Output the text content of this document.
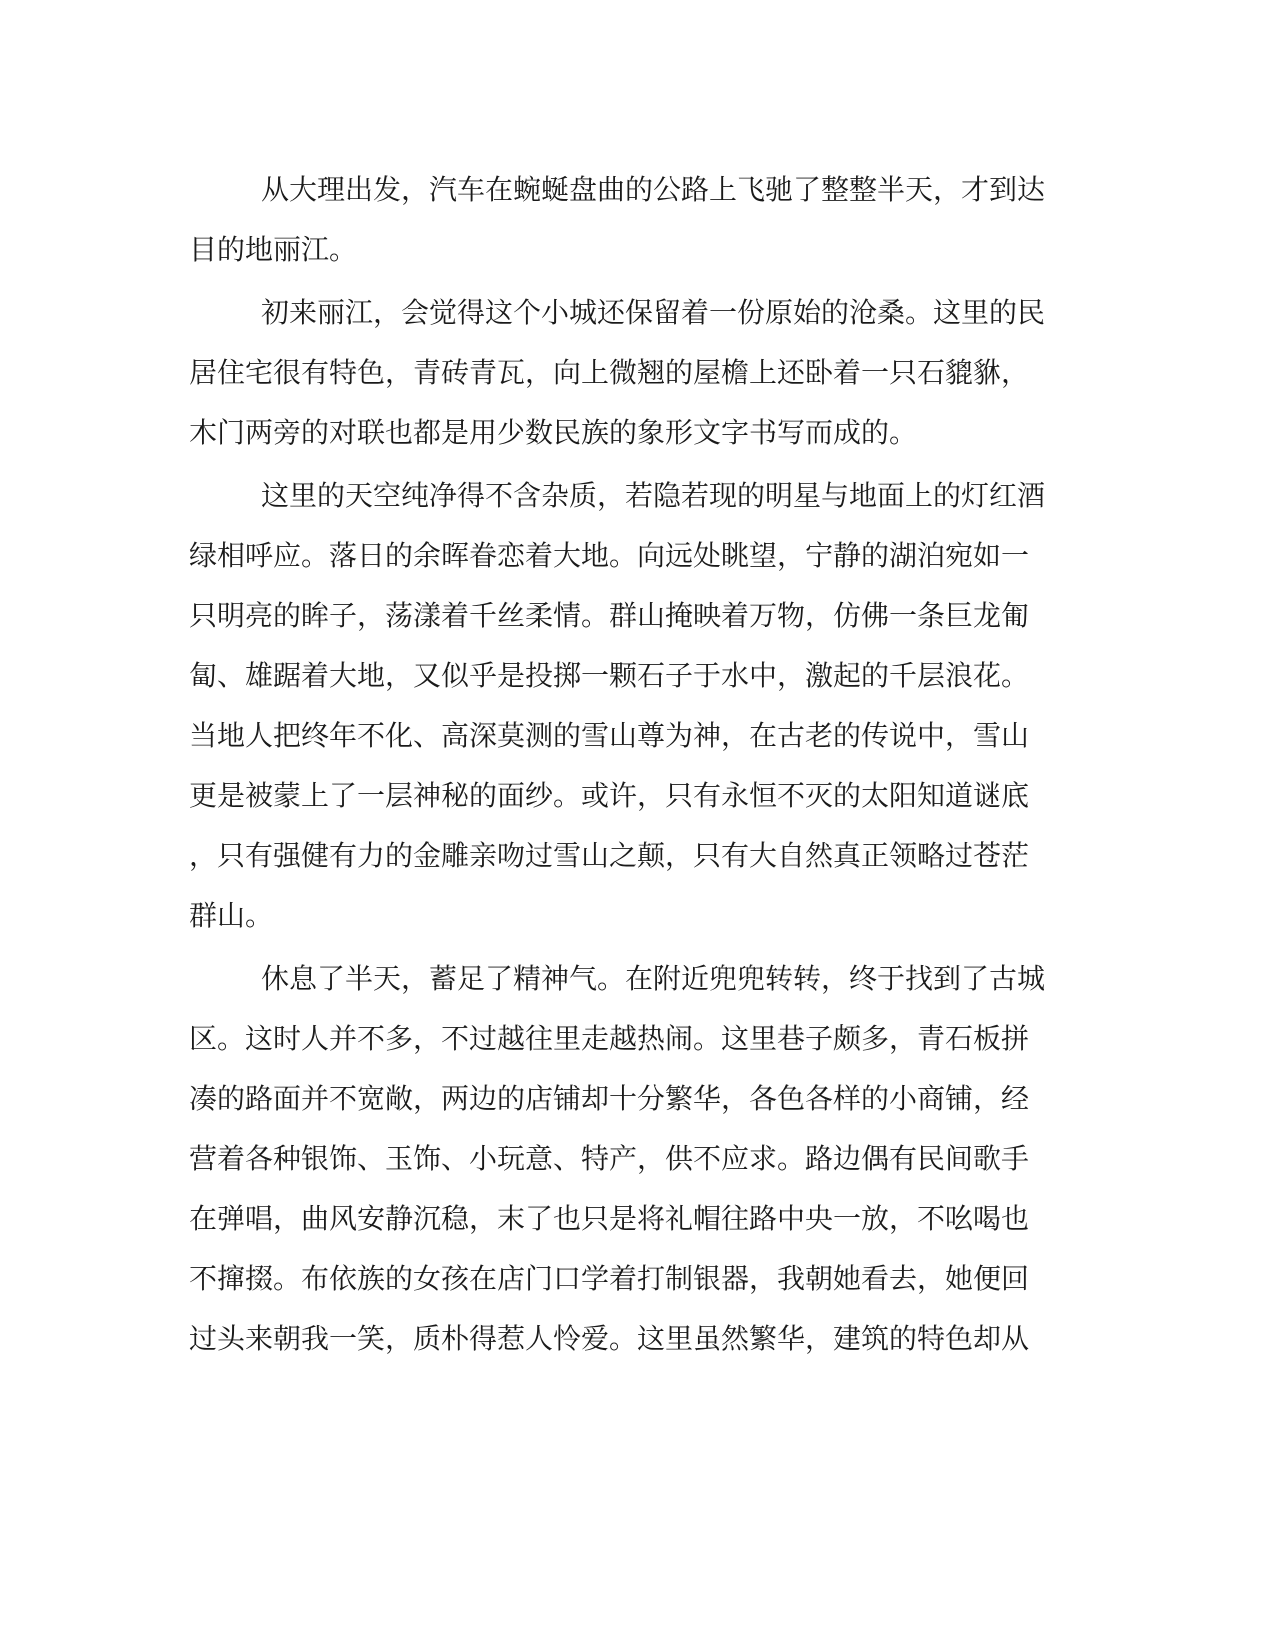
从大理出发，汽车在蜿蜒盘曲的公路上飞驰了整整半天，才到达
目的地丽江。
初来丽江，会觉得这个小城还保留着一份原始的沧桑。这里的民
居住宅很有特色，青砖青瓦，向上微翘的屋檐上还卧着一只石貔貅，
木门两旁的对联也都是用少数民族的象形文字书写而成的。
这里的天空纯净得不含杂质，若隐若现的明星与地面上的灯红酒
绿相呼应。落日的余晖眷恋着大地。向远处眺望，宁静的湖泊宛如一
只明亮的眸子，荡漾着千丝柔情。群山掩映着万物，仿佛一条巨龙匍
匐、雄踞着大地，又似乎是投掷一颗石子于水中，激起的千层浪花。
当地人把终年不化、高深莫测的雪山尊为神，在古老的传说中，雪山
更是被蒙上了一层神秘的面纱。或许，只有永恒不灭的太阳知道谜底
，只有强健有力的金雕亲吻过雪山之颠，只有大自然真正领略过苍茫
群山。
休息了半天，蓄足了精神气。在附近兜兜转转，终于找到了古城
区。这时人并不多，不过越往里走越热闹。这里巷子颇多，青石板拼
凑的路面并不宽敞，两边的店铺却十分繁华，各色各样的小商铺，经
营着各种银饰、玉饰、小玩意、特产，供不应求。路边偶有民间歌手
在弹唱，曲风安静沉稳，末了也只是将礼帽往路中央一放，不吆喝也
不撺掇。布依族的女孩在店门口学着打制银器，我朝她看去，她便回
过头来朝我一笑，质朴得惹人怜爱。这里虽然繁华，建筑的特色却从
